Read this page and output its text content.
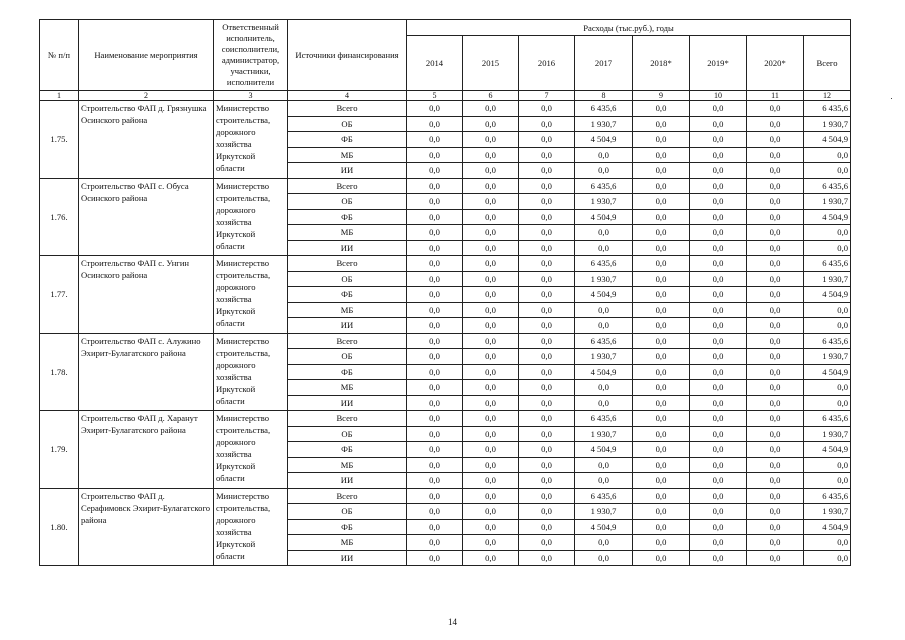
№ п/п	Наименование мероприятия	Ответственный исполнитель, соисполнители, администратор, участники, исполнители	Источники финансирования	Расходы (тыс.руб.), годы							
				2014	2015	2016	2017	2018*	2019*	2020*	Всего
1	2	3	4	5	6	7	8	9	10	11	12
1.75.	Строительство ФАП д. Грязнушка Осинского района	Министерство строительства, дорожного хозяйства Иркутской области	Всего	0,0	0,0	0,0	6 435,6	0,0	0,0	0,0	6 435,6
			ОБ	0,0	0,0	0,0	1 930,7	0,0	0,0	0,0	1 930,7
			ФБ	0,0	0,0	0,0	4 504,9	0,0	0,0	0,0	4 504,9
			МБ	0,0	0,0	0,0	0,0	0,0	0,0	0,0	0,0
			ИИ	0,0	0,0	0,0	0,0	0,0	0,0	0,0	0,0
1.76.	Строительство ФАП с. Обуса Осинского района	Министерство строительства, дорожного хозяйства Иркутской области	Всего	0,0	0,0	0,0	6 435,6	0,0	0,0	0,0	6 435,6
			ОБ	0,0	0,0	0,0	1 930,7	0,0	0,0	0,0	1 930,7
			ФБ	0,0	0,0	0,0	4 504,9	0,0	0,0	0,0	4 504,9
			МБ	0,0	0,0	0,0	0,0	0,0	0,0	0,0	0,0
			ИИ	0,0	0,0	0,0	0,0	0,0	0,0	0,0	0,0
1.77.	Строительство ФАП с. Унгин Осинского района	Министерство строительства, дорожного хозяйства Иркутской области	Всего	0,0	0,0	0,0	6 435,6	0,0	0,0	0,0	6 435,6
			ОБ	0,0	0,0	0,0	1 930,7	0,0	0,0	0,0	1 930,7
			ФБ	0,0	0,0	0,0	4 504,9	0,0	0,0	0,0	4 504,9
			МБ	0,0	0,0	0,0	0,0	0,0	0,0	0,0	0,0
			ИИ	0,0	0,0	0,0	0,0	0,0	0,0	0,0	0,0
1.78.	Строительство ФАП с. Алужино Эхирит-Булагатского района	Министерство строительства, дорожного хозяйства Иркутской области	Всего	0,0	0,0	0,0	6 435,6	0,0	0,0	0,0	6 435,6
			ОБ	0,0	0,0	0,0	1 930,7	0,0	0,0	0,0	1 930,7
			ФБ	0,0	0,0	0,0	4 504,9	0,0	0,0	0,0	4 504,9
			МБ	0,0	0,0	0,0	0,0	0,0	0,0	0,0	0,0
			ИИ	0,0	0,0	0,0	0,0	0,0	0,0	0,0	0,0
1.79.	Строительство ФАП д. Харанут Эхирит-Булагатского района	Министерство строительства, дорожного хозяйства Иркутской области	Всего	0,0	0,0	0,0	6 435,6	0,0	0,0	0,0	6 435,6
			ОБ	0,0	0,0	0,0	1 930,7	0,0	0,0	0,0	1 930,7
			ФБ	0,0	0,0	0,0	4 504,9	0,0	0,0	0,0	4 504,9
			МБ	0,0	0,0	0,0	0,0	0,0	0,0	0,0	0,0
			ИИ	0,0	0,0	0,0	0,0	0,0	0,0	0,0	0,0
1.80.	Строительство ФАП д. Серафимовск Эхирит-Булагатского района	Министерство строительства, дорожного хозяйства Иркутской области	Всего	0,0	0,0	0,0	6 435,6	0,0	0,0	0,0	6 435,6
			ОБ	0,0	0,0	0,0	1 930,7	0,0	0,0	0,0	1 930,7
			ФБ	0,0	0,0	0,0	4 504,9	0,0	0,0	0,0	4 504,9
			МБ	0,0	0,0	0,0	0,0	0,0	0,0	0,0	0,0
			ИИ	0,0	0,0	0,0	0,0	0,0	0,0	0,0	0,0
14
